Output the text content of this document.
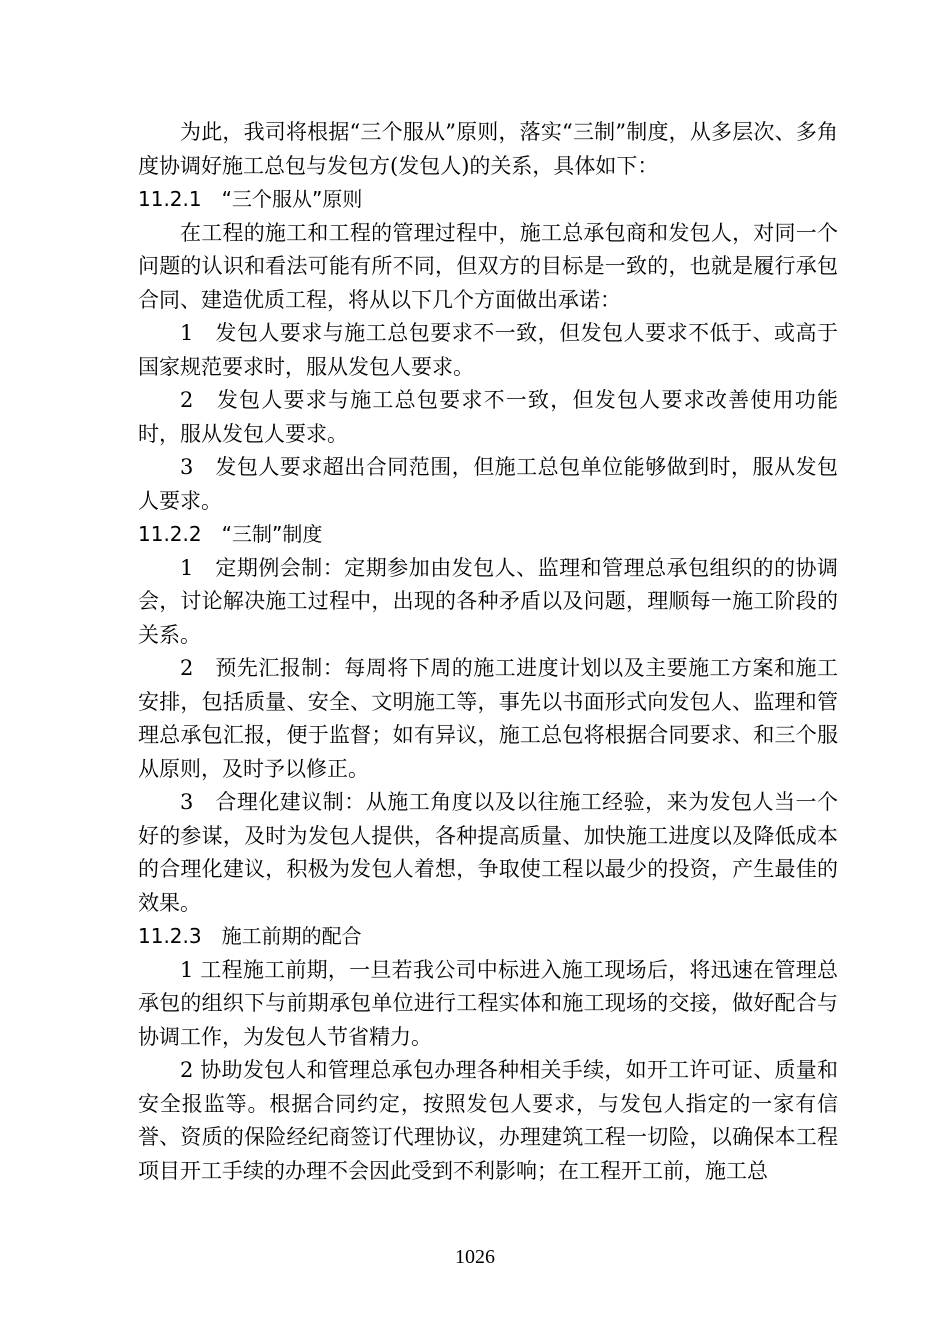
为此，我司将根据“三个服从”原则，落实“三制”制度，从多层次、多角度协调好施工总包与发包方(发包人)的关系，具体如下：

11.2.1　“三个服从”原则

在工程的施工和工程的管理过程中，施工总承包商和发包人，对同一个问题的认识和看法可能有所不同，但双方的目标是一致的，也就是履行承包合同、建造优质工程，将从以下几个方面做出承诺：

1　发包人要求与施工总包要求不一致，但发包人要求不低于、或高于国家规范要求时，服从发包人要求。

2　发包人要求与施工总包要求不一致，但发包人要求改善使用功能时，服从发包人要求。

3　发包人要求超出合同范围，但施工总包单位能够做到时，服从发包人要求。

11.2.2　“三制”制度

1　定期例会制：定期参加由发包人、监理和管理总承包组织的的协调会，讨论解决施工过程中，出现的各种矛盾以及问题，理顺每一施工阶段的关系。

2　预先汇报制：每周将下周的施工进度计划以及主要施工方案和施工安排，包括质量、安全、文明施工等，事先以书面形式向发包人、监理和管理总承包汇报，便于监督；如有异议，施工总包将根据合同要求、和三个服从原则，及时予以修正。

3　合理化建议制：从施工角度以及以往施工经验，来为发包人当一个好的参谋，及时为发包人提供，各种提高质量、加快施工进度以及降低成本的合理化建议，积极为发包人着想，争取使工程以最少的投资，产生最佳的效果。

11.2.3　施工前期的配合

1 工程施工前期，一旦若我公司中标进入施工现场后，将迅速在管理总承包的组织下与前期承包单位进行工程实体和施工现场的交接，做好配合与协调工作，为发包人节省精力。

2 协助发包人和管理总承包办理各种相关手续，如开工许可证、质量和安全报监等。根据合同约定，按照发包人要求，与发包人指定的一家有信誉、资质的保险经纪商签订代理协议，办理建筑工程一切险，以确保本工程项目开工手续的办理不会因此受到不利影响；在工程开工前，施工总

1026
